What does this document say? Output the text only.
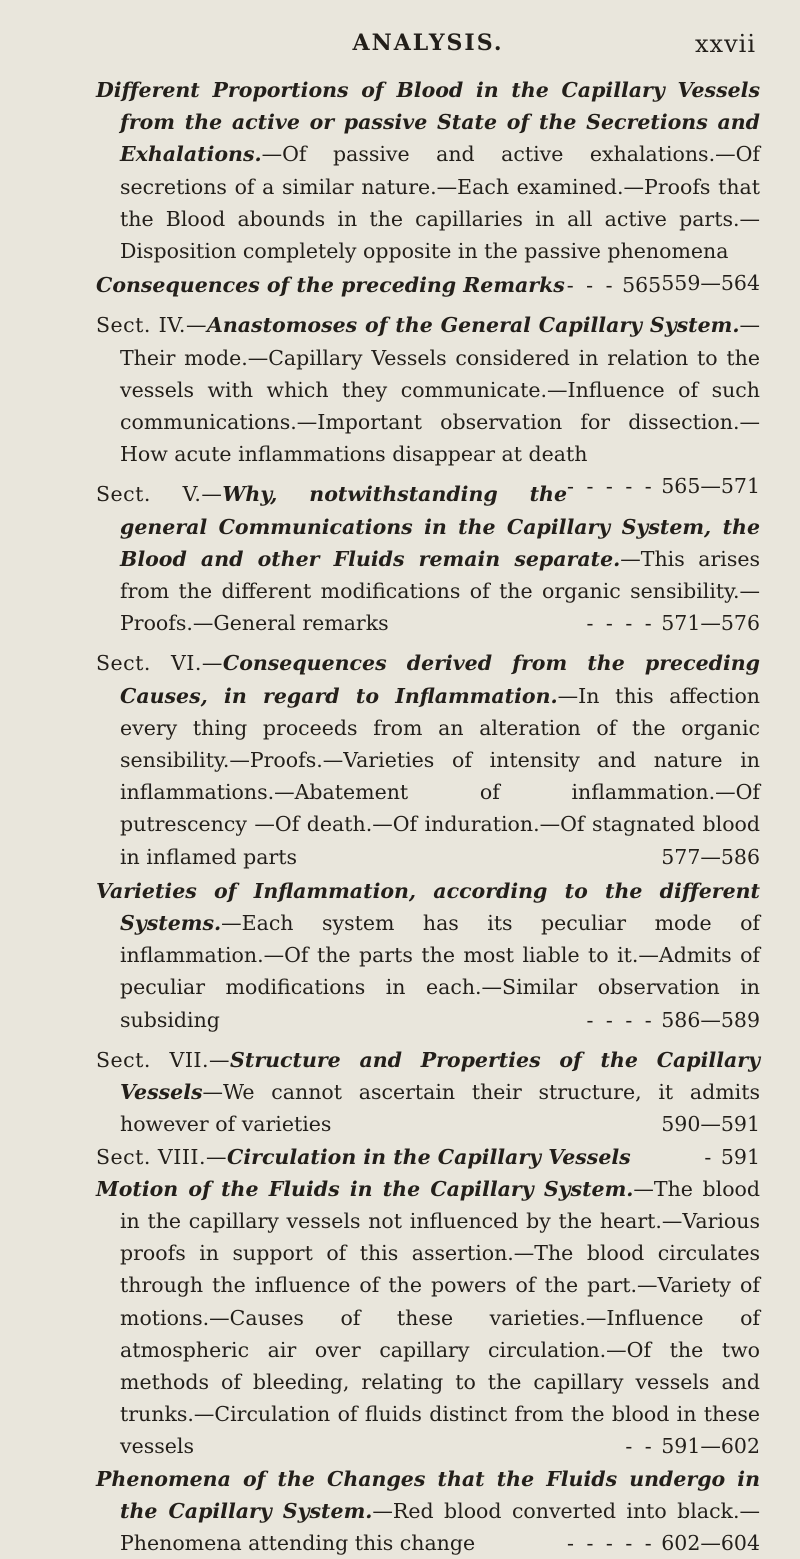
ANALYSIS.	xxvii

Different Proportions of Blood in the Capillary Vessels from the active or passive State of the Secretions and Exhalations.—Of passive and active exhalations.—Of secretions of a similar nature.—Each examined.—Proofs that the Blood abounds in the capillaries in all active parts.—Disposition completely opposite in the passive phenomena
559—564

Consequences of the preceding Remarks - - - 565

Sect. IV.—Anastomoses of the General Capillary System.—Their mode.—Capillary Vessels considered in relation to the vessels with which they communicate.—Influence of such communications.—Important observation for dissection.—How acute inflammations disappear at death
- - - - - 565—571

Sect. V.—Why, notwithstanding the general Communications in the Capillary System, the Blood and other Fluids remain separate.—This arises from the different modifications of the organic sensibility.—Proofs.—General remarks	- - - - 571—576

Sect. VI.—Consequences derived from the preceding Causes, in regard to Inflammation.—In this affection every thing proceeds from an alteration of the organic sensibility.—Proofs.—Varieties of intensity and nature in inflammations.—Abatement of inflammation.—Of putrescency —Of death.—Of induration.—Of stagnated blood in inflamed parts	577—586

Varieties of Inflammation, according to the different Systems.—Each system has its peculiar mode of inflammation.—Of the parts the most liable to it.—Admits of peculiar modifications in each.—Similar observation in subsiding	- - - - 586—589

Sect. VII.—Structure and Properties of the Capillary Vessels—We cannot ascertain their structure, it admits however of varieties	590—591

Sect. VIII.—Circulation in the Capillary Vessels	- 591

Motion of the Fluids in the Capillary System.—The blood in the capillary vessels not influenced by the heart.—Various proofs in support of this assertion.—The blood circulates through the influence of the powers of the part.—Variety of motions.—Causes of these varieties.—Influence of atmospheric air over capillary circulation.—Of the two methods of bleeding, relating to the capillary vessels and trunks.—Circulation of fluids distinct from the blood in these vessels	- - 591—602

Phenomena of the Changes that the Fluids undergo in the Capillary System.—Red blood converted into black.—Phenomena attending this change	- - - - - 602—604
